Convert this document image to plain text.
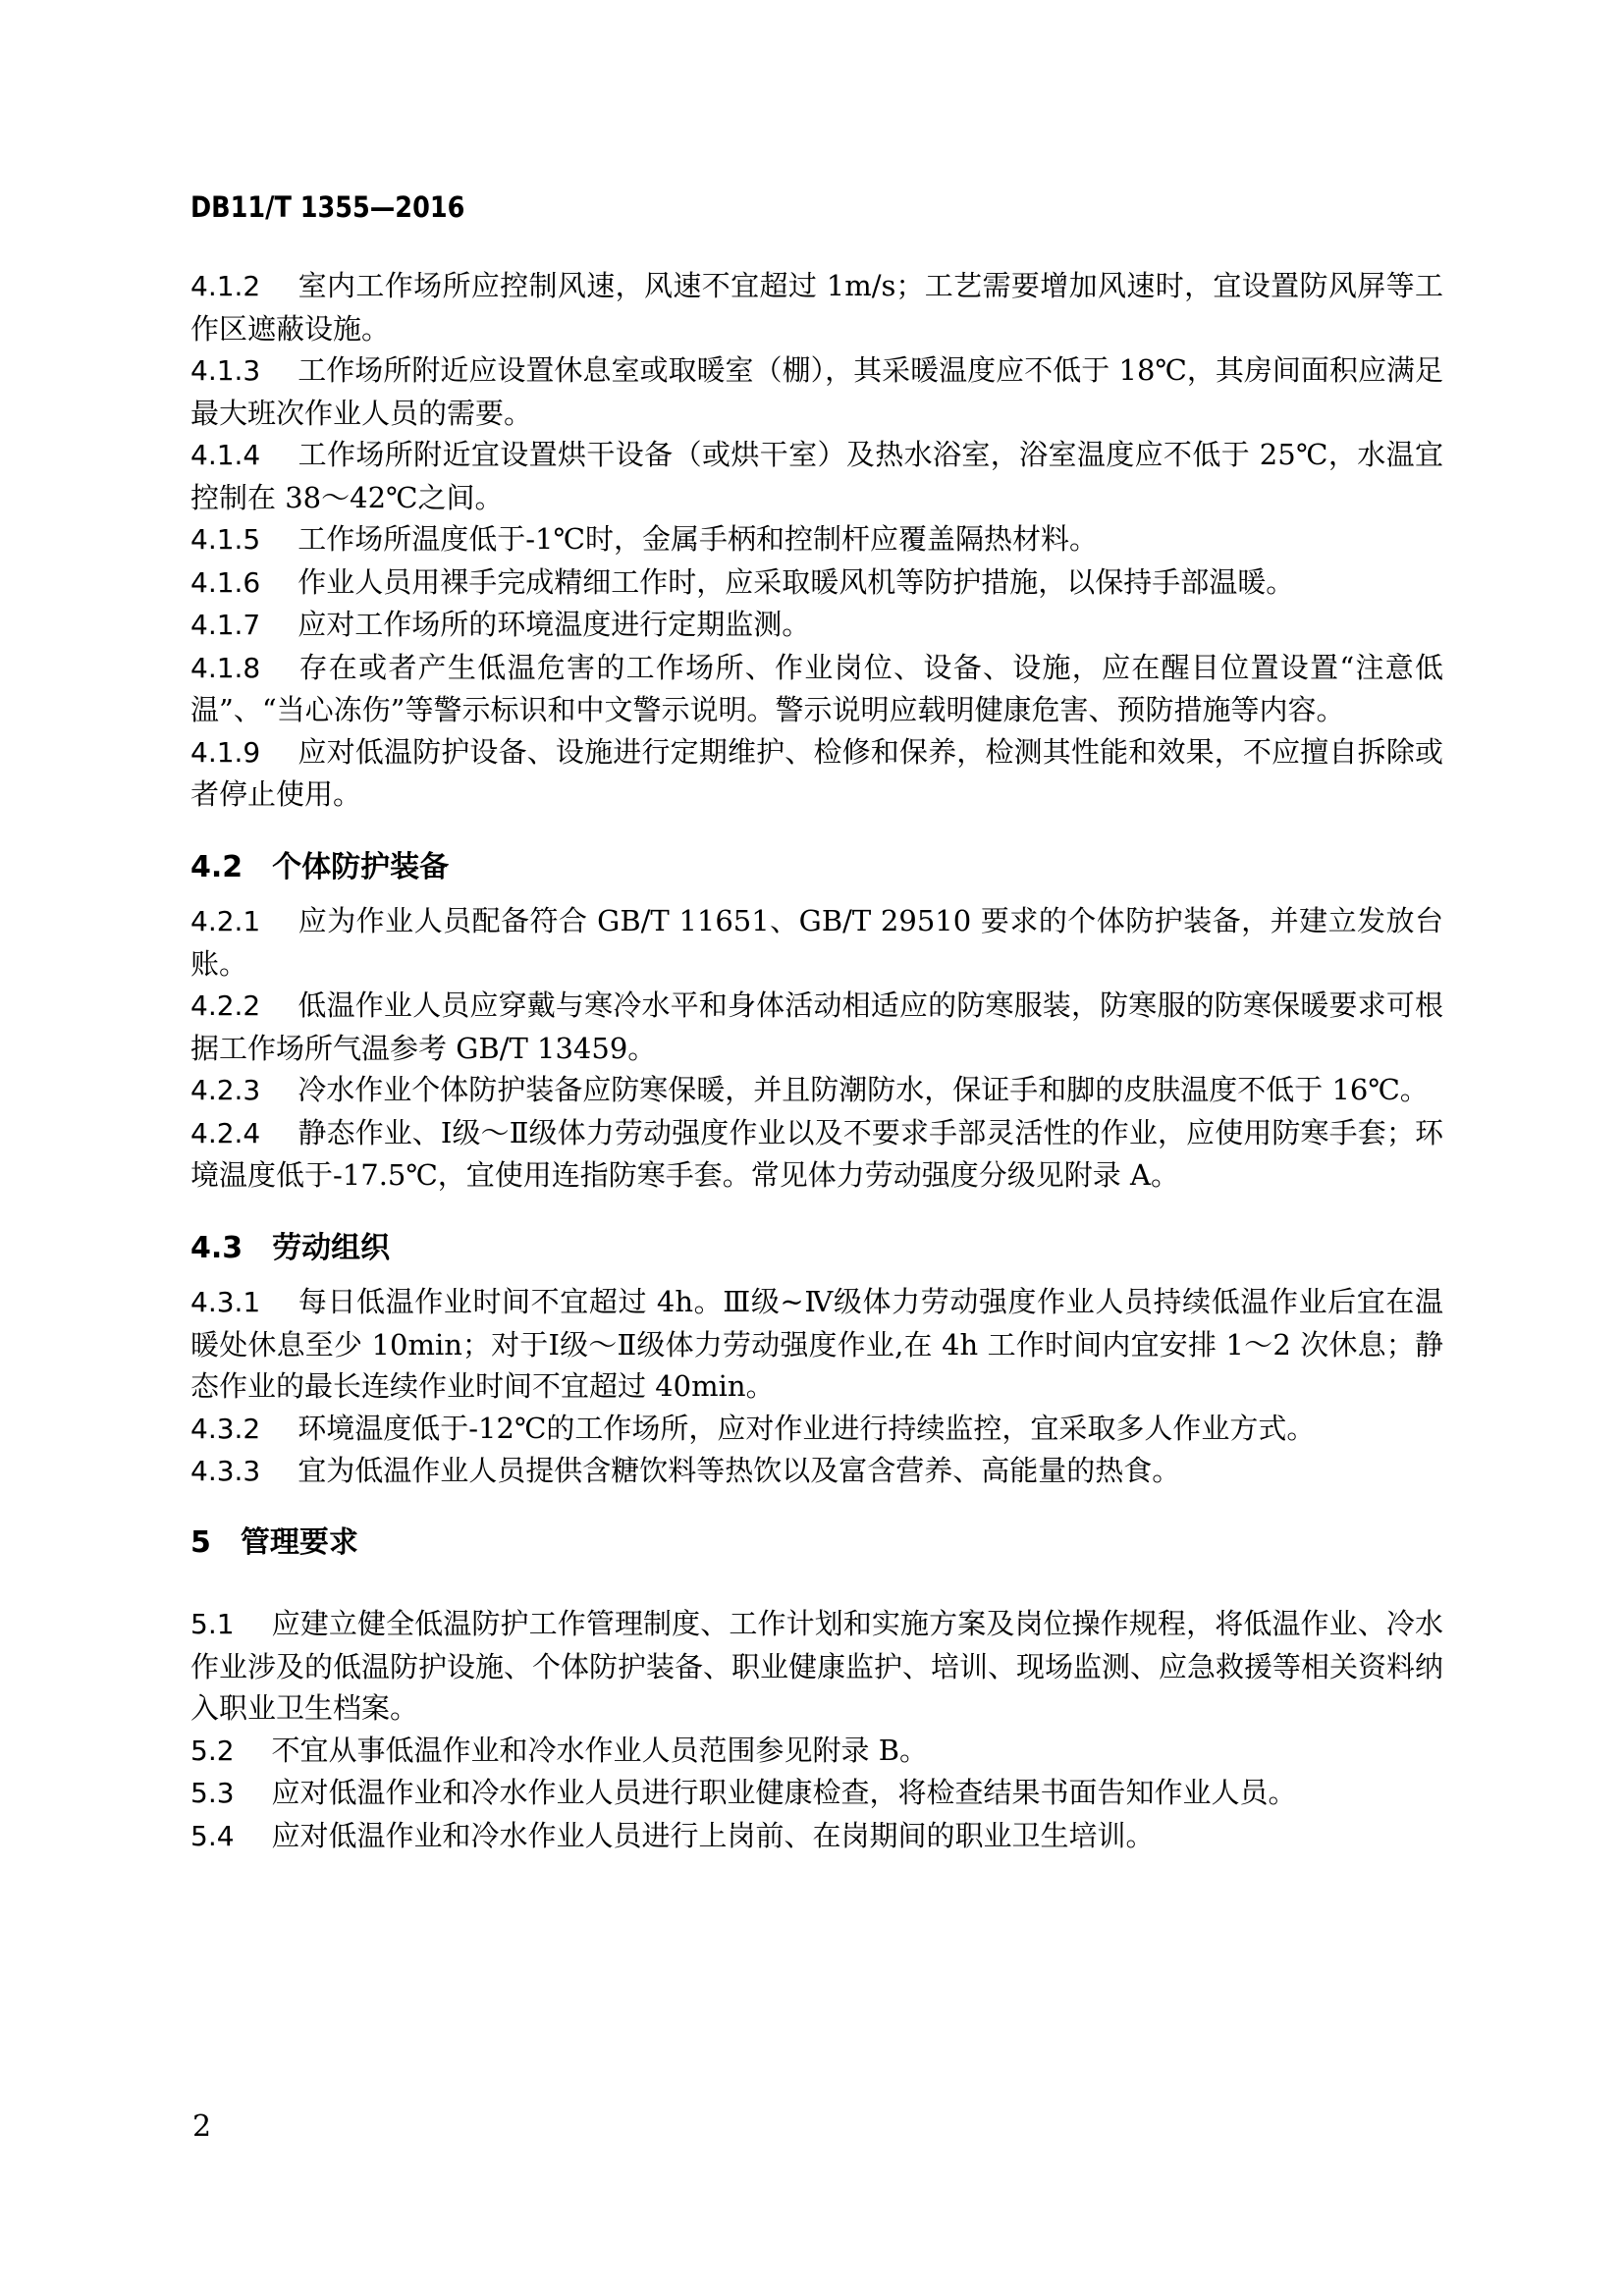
DB11/T 1355—2016

4.1.2 室内工作场所应控制风速，风速不宜超过 1m/s；工艺需要增加风速时，宜设置防风屏等工作区遮蔽设施。

4.1.3 工作场所附近应设置休息室或取暖室（棚），其采暖温度应不低于 18℃，其房间面积应满足最大班次作业人员的需要。

4.1.4 工作场所附近宜设置烘干设备（或烘干室）及热水浴室，浴室温度应不低于 25℃，水温宜控制在 38～42℃之间。

4.1.5 工作场所温度低于-1℃时，金属手柄和控制杆应覆盖隔热材料。

4.1.6 作业人员用裸手完成精细工作时，应采取暖风机等防护措施，以保持手部温暖。

4.1.7 应对工作场所的环境温度进行定期监测。

4.1.8 存在或者产生低温危害的工作场所、作业岗位、设备、设施，应在醒目位置设置“注意低温”、“当心冻伤”等警示标识和中文警示说明。警示说明应载明健康危害、预防措施等内容。

4.1.9 应对低温防护设备、设施进行定期维护、检修和保养，检测其性能和效果，不应擅自拆除或者停止使用。

4.2 个体防护装备

4.2.1 应为作业人员配备符合 GB/T 11651、GB/T 29510 要求的个体防护装备，并建立发放台账。

4.2.2 低温作业人员应穿戴与寒冷水平和身体活动相适应的防寒服装，防寒服的防寒保暖要求可根据工作场所气温参考 GB/T 13459。

4.2.3 冷水作业个体防护装备应防寒保暖，并且防潮防水，保证手和脚的皮肤温度不低于 16℃。

4.2.4 静态作业、Ⅰ级～Ⅱ级体力劳动强度作业以及不要求手部灵活性的作业，应使用防寒手套；环境温度低于-17.5℃，宜使用连指防寒手套。常见体力劳动强度分级见附录 A。

4.3 劳动组织

4.3.1 每日低温作业时间不宜超过 4h。Ⅲ级~Ⅳ级体力劳动强度作业人员持续低温作业后宜在温暖处休息至少 10min；对于Ⅰ级～Ⅱ级体力劳动强度作业,在 4h 工作时间内宜安排 1～2 次休息；静态作业的最长连续作业时间不宜超过 40min。

4.3.2 环境温度低于-12℃的工作场所，应对作业进行持续监控，宜采取多人作业方式。

4.3.3 宜为低温作业人员提供含糖饮料等热饮以及富含营养、高能量的热食。

5 管理要求

5.1 应建立健全低温防护工作管理制度、工作计划和实施方案及岗位操作规程，将低温作业、冷水作业涉及的低温防护设施、个体防护装备、职业健康监护、培训、现场监测、应急救援等相关资料纳入职业卫生档案。

5.2 不宜从事低温作业和冷水作业人员范围参见附录 B。

5.3 应对低温作业和冷水作业人员进行职业健康检查，将检查结果书面告知作业人员。

5.4 应对低温作业和冷水作业人员进行上岗前、在岗期间的职业卫生培训。

2
